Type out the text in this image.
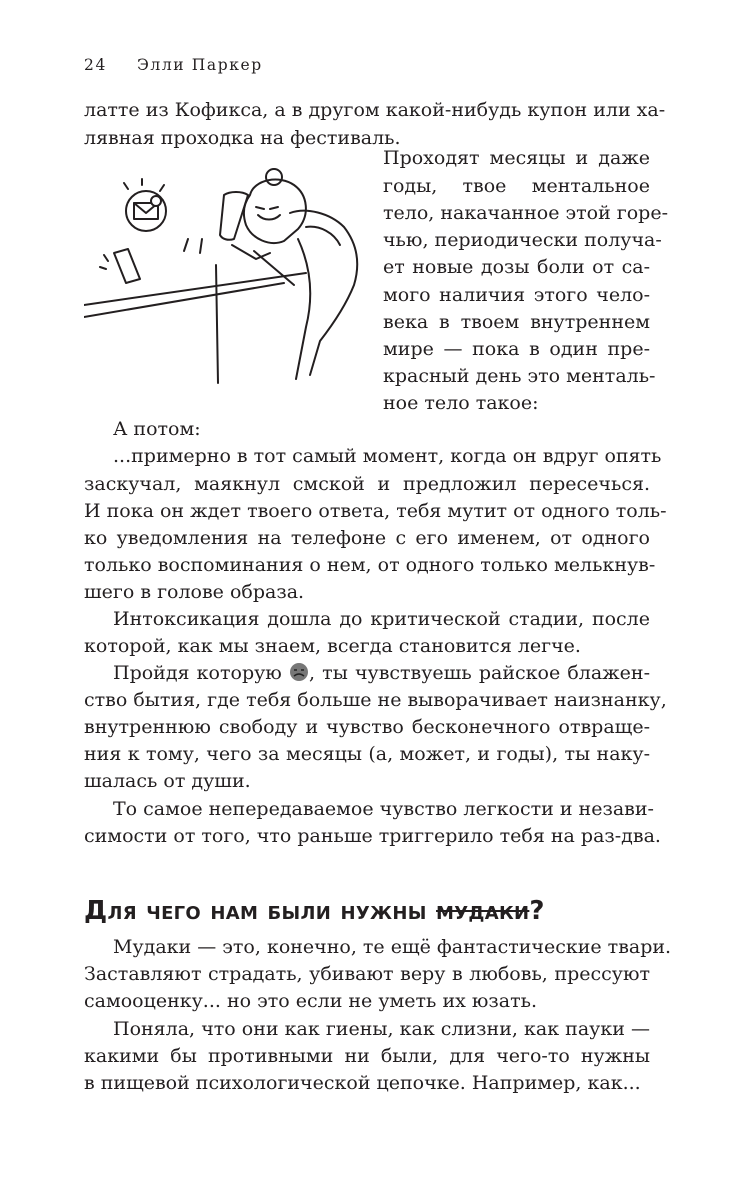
24 Элли Паркер
латте из Кофикса, а в другом какой-нибудь купон или ха-
лявная проходка на фестиваль.
Проходят месяцы и даже
годы, твое ментальное
тело, накачанное этой горе-
чью, периодически получа-
ет новые дозы боли от са-
мого наличия этого чело-
века в твоем внутреннем
мире — пока в один пре-
красный день это менталь-
ное тело такое:
А потом:
...примерно в тот самый момент, когда он вдруг опять
заскучал, маякнул смской и предложил пересечься.
И пока он ждет твоего ответа, тебя мутит от одного толь-
ко уведомления на телефоне с его именем, от одного
только воспоминания о нем, от одного только мелькнув-
шего в голове образа.
Интоксикация дошла до критической стадии, после
которой, как мы знаем, всегда становится легче.
Пройдя которую , ты чувствуешь райское блажен-
ство бытия, где тебя больше не выворачивает наизнанку,
внутреннюю свободу и чувство бесконечного отвраще-
ния к тому, чего за месяцы (а, может, и годы), ты наку-
шалась от души.
То самое непередаваемое чувство легкости и незави-
симости от того, что раньше триггерило тебя на раз-два.
Для чего нам были нужны мудаки?
Мудаки — это, конечно, те ещё фантастические твари.
Заставляют страдать, убивают веру в любовь, прессуют
самооценку... но это если не уметь их юзать.
Поняла, что они как гиены, как слизни, как пауки —
какими бы противными ни были, для чего-то нужны
в пищевой психологической цепочке. Например, как...
